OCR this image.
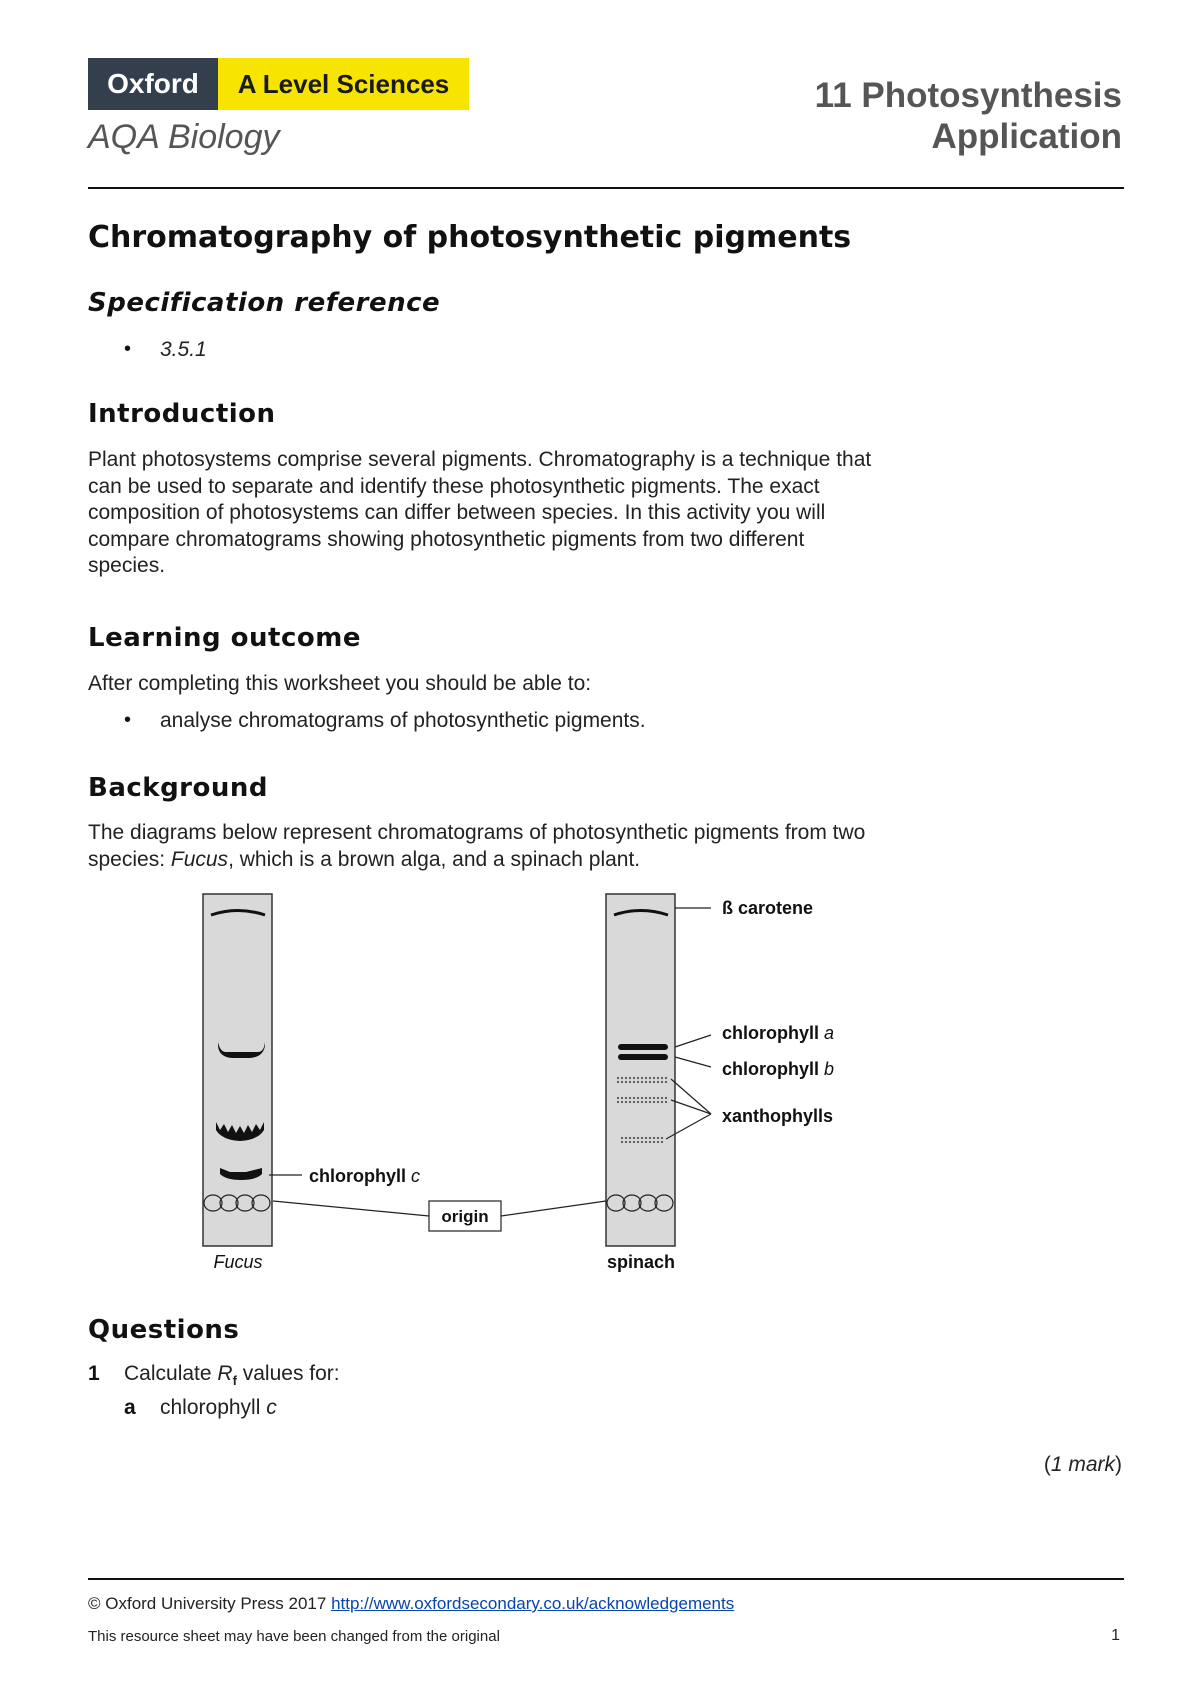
Oxford	A Level Sciences
AQA Biology
11 Photosynthesis
Application
Chromatography of photosynthetic pigments
Specification reference
• 3.5.1
Introduction
Plant photosystems comprise several pigments. Chromatography is a technique that
can be used to separate and identify these photosynthetic pigments. The exact
composition of photosystems can differ between species. In this activity you will
compare chromatograms showing photosynthetic pigments from two different
species.
Learning outcome
After completing this worksheet you should be able to:
• analyse chromatograms of photosynthetic pigments.
Background
The diagrams below represent chromatograms of photosynthetic pigments from two
species: Fucus, which is a brown alga, and a spinach plant.
ß carotene
chlorophyll a
chlorophyll b
xanthophylls
chlorophyll c
origin
Fucus	spinach
Questions
1 Calculate $R_f$ values for:
a chlorophyll c
(1 mark)
© Oxford University Press 2017 http://www.oxfordsecondary.co.uk/acknowledgements
This resource sheet may have been changed from the original	1
